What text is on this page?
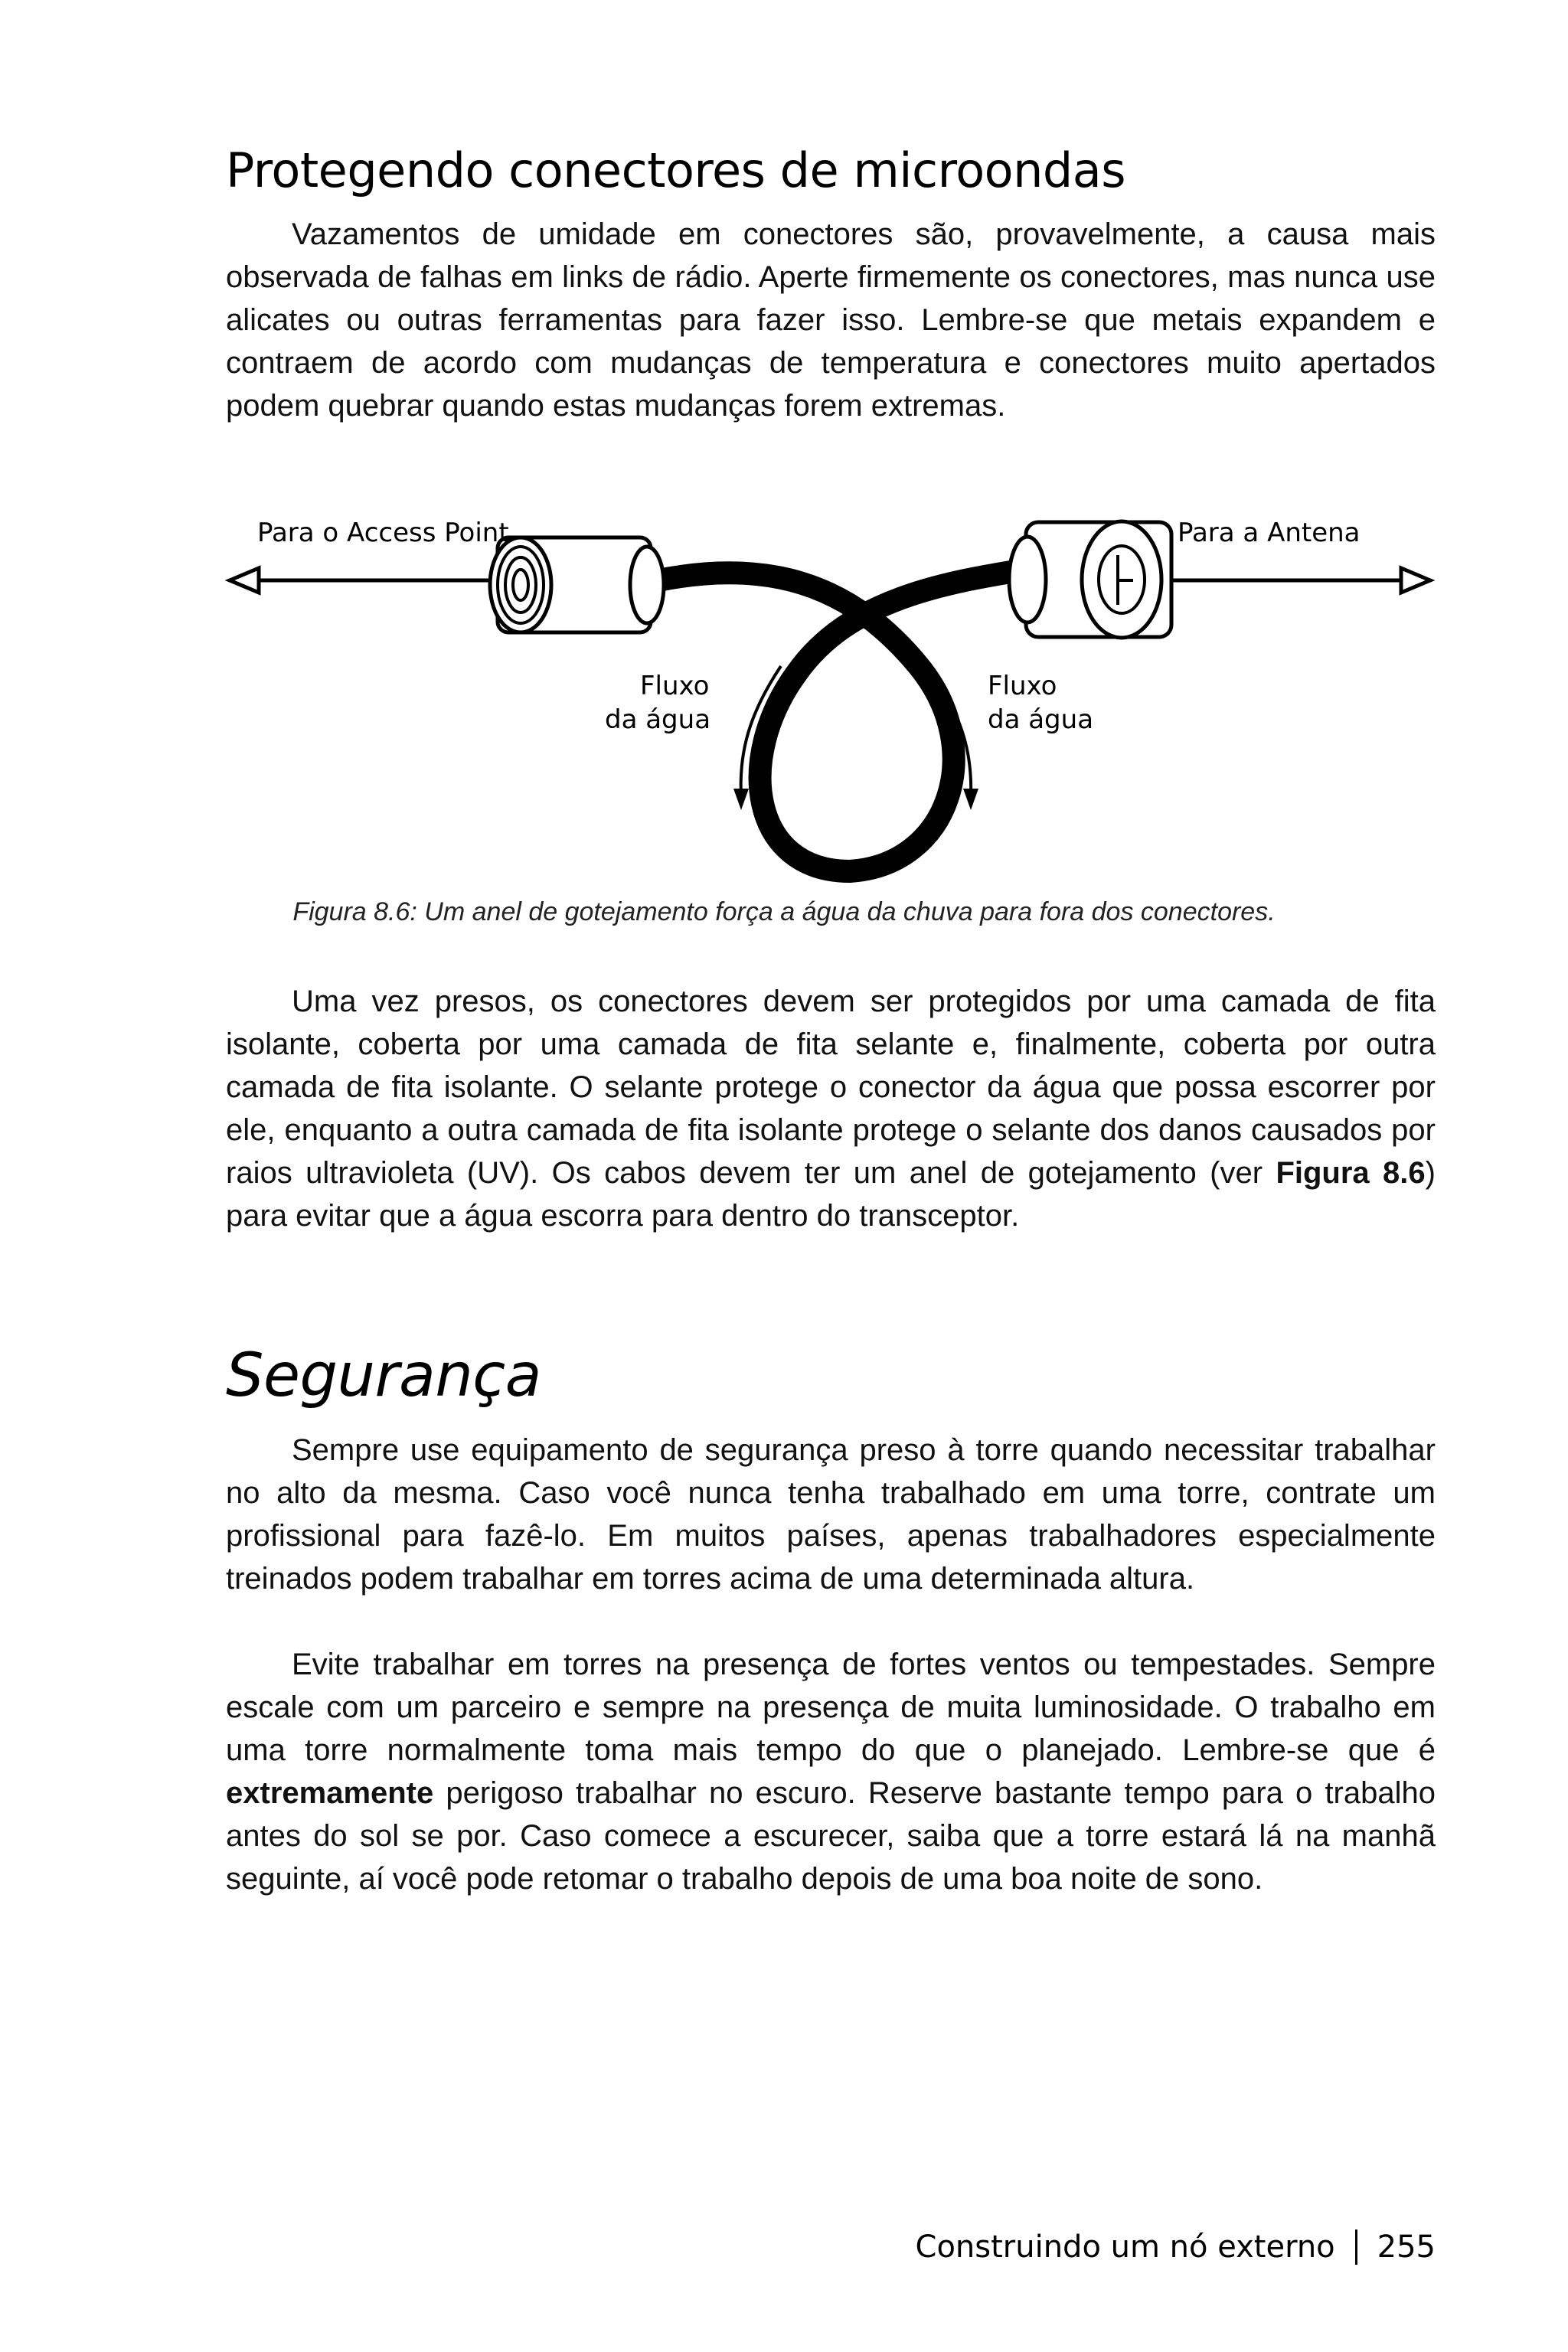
Protegendo conectores de microondas

Vazamentos de umidade em conectores são, provavelmente, a causa mais observada de falhas em links de rádio. Aperte firmemente os conectores, mas nunca use alicates ou outras ferramentas para fazer isso. Lembre-se que metais expandem e contraem de acordo com mudanças de temperatura e conectores muito apertados podem quebrar quando estas mudanças forem extremas.

Para o Access Point	Para a Antena
Fluxo
da água
Fluxo
da água
Figura 8.6: Um anel de gotejamento força a água da chuva para fora dos conectores.

Uma vez presos, os conectores devem ser protegidos por uma camada de fita isolante, coberta por uma camada de fita selante e, finalmente, coberta por outra camada de fita isolante. O selante protege o conector da água que possa escorrer por ele, enquanto a outra camada de fita isolante protege o selante dos danos causados por raios ultravioleta (UV). Os cabos devem ter um anel de gotejamento (ver Figura 8.6) para evitar que a água escorra para dentro do transceptor.

Segurança

Sempre use equipamento de segurança preso à torre quando necessitar trabalhar no alto da mesma. Caso você nunca tenha trabalhado em uma torre, contrate um profissional para fazê-lo. Em muitos países, apenas trabalhadores especialmente treinados podem trabalhar em torres acima de uma determinada altura.

Evite trabalhar em torres na presença de fortes ventos ou tempestades. Sempre escale com um parceiro e sempre na presença de muita luminosidade. O trabalho em uma torre normalmente toma mais tempo do que o planejado. Lembre-se que é extremamente perigoso trabalhar no escuro. Reserve bastante tempo para o trabalho antes do sol se por. Caso comece a escurecer, saiba que a torre estará lá na manhã seguinte, aí você pode retomar o trabalho depois de uma boa noite de sono.

Construindo um nó externo 255
